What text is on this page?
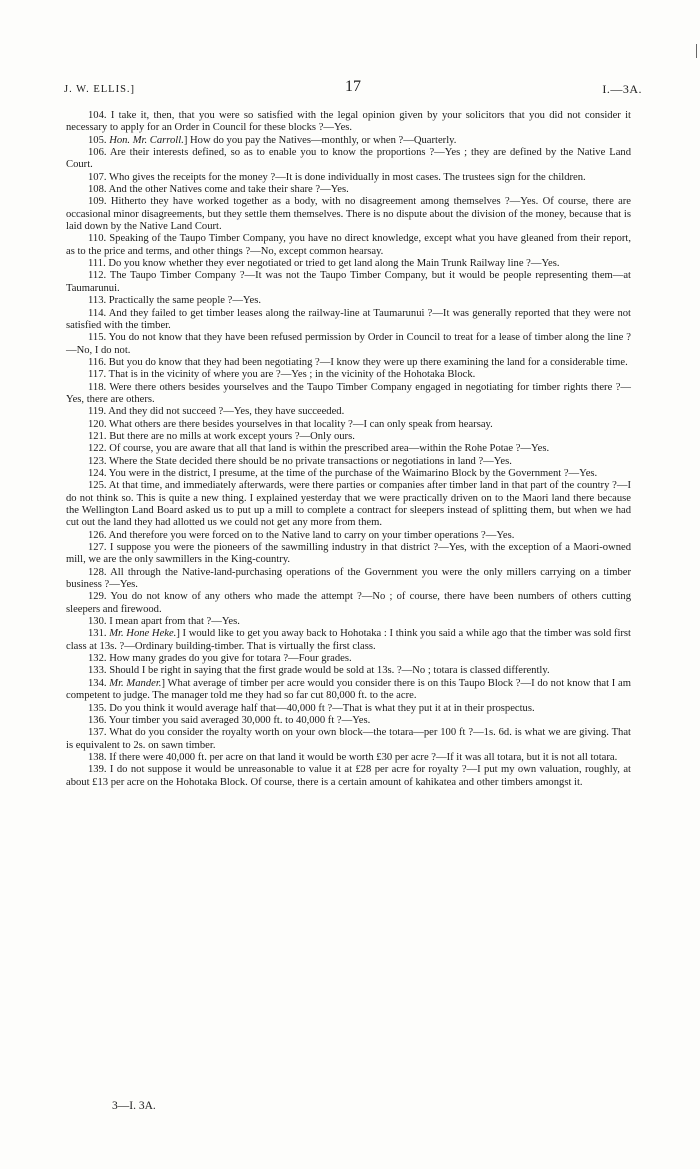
J. W. ELLIS.]	17	I.—3A.

104. I take it, then, that you were so satisfied with the legal opinion given by your solicitors that you did not consider it necessary to apply for an Order in Council for these blocks ?—Yes.

105. Hon. Mr. Carroll.] How do you pay the Natives—monthly, or when ?—Quarterly.

106. Are their interests defined, so as to enable you to know the proportions ?—Yes ; they are defined by the Native Land Court.

107. Who gives the receipts for the money ?—It is done individually in most cases. The trustees sign for the children.

108. And the other Natives come and take their share ?—Yes.

109. Hitherto they have worked together as a body, with no disagreement among themselves ?—Yes. Of course, there are occasional minor disagreements, but they settle them themselves. There is no dispute about the division of the money, because that is laid down by the Native Land Court.

110. Speaking of the Taupo Timber Company, you have no direct knowledge, except what you have gleaned from their report, as to the price and terms, and other things ?—No, except common hearsay.

111. Do you know whether they ever negotiated or tried to get land along the Main Trunk Railway line ?—Yes.

112. The Taupo Timber Company ?—It was not the Taupo Timber Company, but it would be people representing them—at Taumarunui.

113. Practically the same people ?—Yes.

114. And they failed to get timber leases along the railway-line at Taumarunui ?—It was generally reported that they were not satisfied with the timber.

115. You do not know that they have been refused permission by Order in Council to treat for a lease of timber along the line ?—No, I do not.

116. But you do know that they had been negotiating ?—I know they were up there examining the land for a considerable time.

117. That is in the vicinity of where you are ?—Yes ; in the vicinity of the Hohotaka Block.

118. Were there others besides yourselves and the Taupo Timber Company engaged in negotiating for timber rights there ?—Yes, there are others.

119. And they did not succeed ?—Yes, they have succeeded.

120. What others are there besides yourselves in that locality ?—I can only speak from hearsay.

121. But there are no mills at work except yours ?—Only ours.

122. Of course, you are aware that all that land is within the prescribed area—within the Rohe Potae ?—Yes.

123. Where the State decided there should be no private transactions or negotiations in land ?—Yes.

124. You were in the district, I presume, at the time of the purchase of the Waimarino Block by the Government ?—Yes.

125. At that time, and immediately afterwards, were there parties or companies after timber land in that part of the country ?—I do not think so. This is quite a new thing. I explained yesterday that we were practically driven on to the Maori land there because the Wellington Land Board asked us to put up a mill to complete a contract for sleepers instead of splitting them, but when we had cut out the land they had allotted us we could not get any more from them.

126. And therefore you were forced on to the Native land to carry on your timber operations ?—Yes.

127. I suppose you were the pioneers of the sawmilling industry in that district ?—Yes, with the exception of a Maori-owned mill, we are the only sawmillers in the King-country.

128. All through the Native-land-purchasing operations of the Government you were the only millers carrying on a timber business ?—Yes.

129. You do not know of any others who made the attempt ?—No ; of course, there have been numbers of others cutting sleepers and firewood.

130. I mean apart from that ?—Yes.

131. Mr. Hone Heke.] I would like to get you away back to Hohotaka : I think you said a while ago that the timber was sold first class at 13s. ?—Ordinary building-timber. That is virtually the first class.

132. How many grades do you give for totara ?—Four grades.

133. Should I be right in saying that the first grade would be sold at 13s. ?—No ; totara is classed differently.

134. Mr. Mander.] What average of timber per acre would you consider there is on this Taupo Block ?—I do not know that I am competent to judge. The manager told me they had so far cut 80,000 ft. to the acre.

135. Do you think it would average half that—40,000 ft ?—That is what they put it at in their prospectus.

136. Your timber you said averaged 30,000 ft. to 40,000 ft ?—Yes.

137. What do you consider the royalty worth on your own block—the totara—per 100 ft ?—1s. 6d. is what we are giving. That is equivalent to 2s. on sawn timber.

138. If there were 40,000 ft. per acre on that land it would be worth £30 per acre ?—If it was all totara, but it is not all totara.

139. I do not suppose it would be unreasonable to value it at £28 per acre for royalty ?—I put my own valuation, roughly, at about £13 per acre on the Hohotaka Block. Of course, there is a certain amount of kahikatea and other timbers amongst it.

3—I. 3A.
